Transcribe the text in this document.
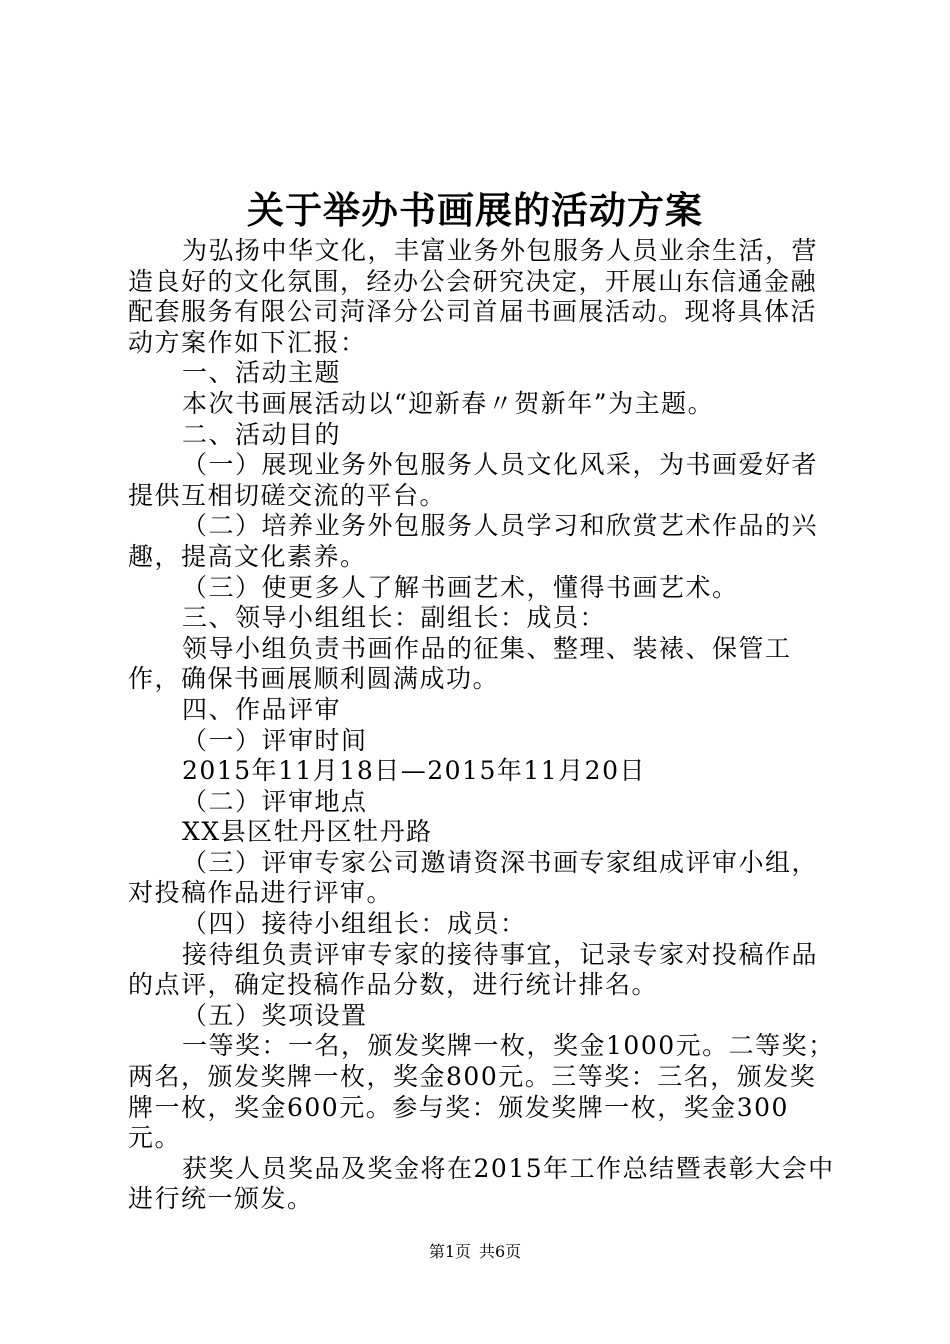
关于举办书画展的活动方案

为弘扬中华文化，丰富业务外包服务人员业余生活，营造良好的文化氛围，经办公会研究决定，开展山东信通金融配套服务有限公司菏泽分公司首届书画展活动。现将具体活动方案作如下汇报：

一、活动主题

本次书画展活动以“迎新春〃贺新年”为主题。

二、活动目的

（一）展现业务外包服务人员文化风采，为书画爱好者提供互相切磋交流的平台。

（二）培养业务外包服务人员学习和欣赏艺术作品的兴趣，提高文化素养。

（三）使更多人了解书画艺术，懂得书画艺术。

三、领导小组组长：副组长：成员：

领导小组负责书画作品的征集、整理、装裱、保管工作，确保书画展顺利圆满成功。

四、作品评审

（一）评审时间

2015年11月18日—2015年11月20日

（二）评审地点

XX县区牡丹区牡丹路

（三）评审专家公司邀请资深书画专家组成评审小组，对投稿作品进行评审。

（四）接待小组组长：成员：

接待组负责评审专家的接待事宜，记录专家对投稿作品的点评，确定投稿作品分数，进行统计排名。

（五）奖项设置

一等奖：一名，颁发奖牌一枚，奖金1000元。二等奖；两名，颁发奖牌一枚，奖金800元。三等奖：三名，颁发奖牌一枚，奖金600元。参与奖：颁发奖牌一枚，奖金300元。

获奖人员奖品及奖金将在2015年工作总结暨表彰大会中进行统一颁发。

第1页 共6页
